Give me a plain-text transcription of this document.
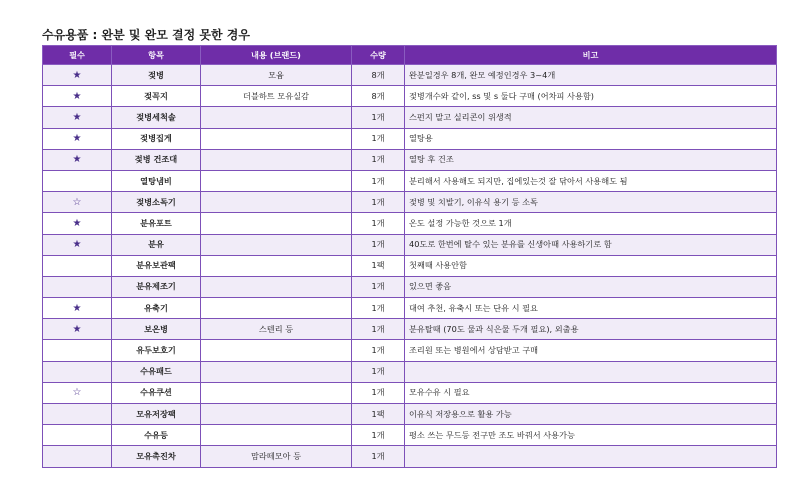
수유용품 : 완분 및 완모 결정 못한 경우
필수	항목	내용 (브랜드)	수량	비고
★	젖병	모윰	8개	완분일경우 8개, 완모 예정인경우 3~4개
★	젖꼭지	더블하트 모유실감	8개	젖병개수와 같이, ss 및 s 둘다 구매 (어차피 사용함)
★	젖병세척솔		1개	스펀지 말고 실리콘이 위생적
★	젖병집게		1개	열탕용
★	젖병 건조대		1개	열탕 후 건조
	열탕냄비		1개	분리해서 사용해도 되지만, 집에있는것 잘 닦아서 사용해도 됨
☆	젖병소독기		1개	젖병 및 치발기, 이유식 용기 등 소독
★	분유포트		1개	온도 설정 가능한 것으로 1개
★	분유		1개	40도로 한번에 탈수 있는 분유를 신생아때 사용하기로 함
	분유보관팩		1팩	첫째때 사용안함
	분유제조기		1개	있으면 좋음
★	유축기		1개	대여 추천, 유축시 또는 단유 시 필요
★	보온병	스텐리 등	1개	분유탈때 (70도 물과 식은물 두개 필요), 외출용
	유두보호기		1개	조리원 또는 병원에서 상담받고 구매
	수유패드		1개	
☆	수유쿠션		1개	모유수유 시 필요
	모유저장팩		1팩	이유식 저장용으로 활용 가능
	수유등		1개	평소 쓰는 무드등 전구만 조도 바꿔서 사용가능
	모유촉진차	맘라떼모아 등	1개	
